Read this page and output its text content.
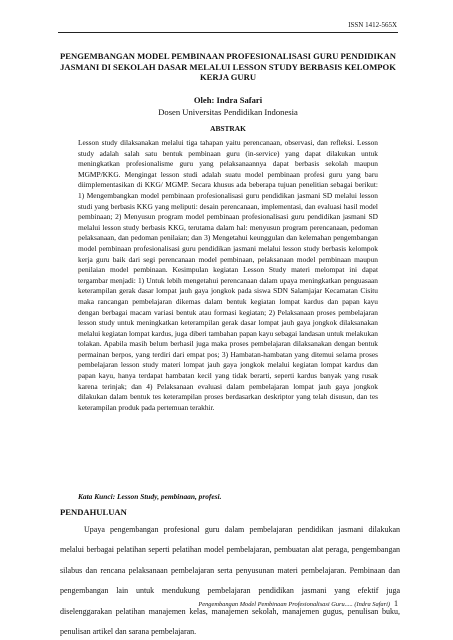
ISSN 1412-565X
PENGEMBANGAN MODEL PEMBINAAN PROFESIONALISASI GURU PENDIDIKAN JASMANI DI SEKOLAH DASAR MELALUI LESSON STUDY BERBASIS KELOMPOK KERJA GURU
Oleh: Indra Safari
Dosen Universitas Pendidikan Indonesia
ABSTRAK

Lesson study dilaksanakan melalui tiga tahapan yaitu perencanaan, observasi, dan refleksi. Lesson study adalah salah satu bentuk pembinaan guru (in-service) yang dapat dilakukan untuk meningkatkan profesionalisme guru yang pelaksanaannya dapat berbasis sekolah maupun MGMP/KKG. Mengingat lesson studi adalah suatu model pembinaan profesi guru yang baru diimplementasikan di KKG/ MGMP. Secara khusus ada beberapa tujuan penelitian sebagai berikut: 1) Mengembangkan model pembinaan profesionalisasi guru pendidikan jasmani SD melalui lesson studi yang berbasis KKG yang meliputi: desain perencanaan, implementasi, dan evaluasi hasil model pembinaan; 2) Menyusun program model pembinaan profesionalisasi guru pendidikan jasmani SD melalui lesson study berbasis KKG, terutama dalam hal: menyusun program perencanaan, pedoman pelaksanaan, dan pedoman penilaian; dan 3) Mengetahui keunggulan dan kelemahan pengembangan model pembinaan profesionalisasi guru pendidikan jasmani melalui lesson study berbasis kelompok kerja guru baik dari segi perencanaan model pembinaan, pelaksanaan model pembinaan maupun penilaian model pembinaan. Kesimpulan kegiatan Lesson Study materi melompat ini dapat tergambar menjadi: 1) Untuk lebih mengetahui perencanaan dalam upaya meningkatkan penguasaan keterampilan gerak dasar lompat jauh gaya jongkok pada siswa SDN Salamjajar Kecamatan Cisitu maka rancangan pembelajaran dikemas dalam bentuk kegiatan lompat kardus dan papan kayu dengan berbagai macam variasi bentuk atau formasi kegiatan; 2) Pelaksanaan proses pembelajaran lesson study untuk meningkatkan keterampilan gerak dasar lompat jauh gaya jongkok dilaksanakan melalui kegiatan lompat kardus, juga diberi tambahan papan kayu sebagai landasan untuk melakukan tolakan. Apabila masih belum berhasil juga maka proses pembelajaran dilaksanakan dengan bentuk permainan berpos, yang terdiri dari empat pos; 3) Hambatan-hambatan yang ditemui selama proses pembelajaran lesson study materi lompat jauh gaya jongkok melalui kegiatan lompat kardus dan papan kayu, hanya terdapat hambatan kecil yang tidak berarti, seperti kardus banyak yang rusak karena terinjak; dan 4) Pelaksanaan evaluasi dalam pembelajaran lompat jauh gaya jongkok dilakukan dalam bentuk tes keterampilan proses berdasarkan deskriptor yang telah disusun, dan tes keterampilan produk pada pertemuan terakhir.

Kata Kunci: Lesson Study, pembinaan, profesi.
PENDAHULUAN

Upaya pengembangan profesional guru dalam pembelajaran pendidikan jasmani dilakukan melalui berbagai pelatihan seperti pelatihan model pembelajaran, pembuatan alat peraga, pengembangan silabus dan rencana pelaksanaan pembelajaran serta penyusunan materi pembelajaran. Pembinaan dan pengembangan lain untuk mendukung pembelajaran pendidikan jasmani yang efektif juga diselenggarakan pelatihan manajemen kelas, manajemen sekolah, manajemen gugus, penulisan buku, penulisan artikel dan sarana pembelajaran.

Pengembangan Model Pembinaan Profesionalisasi Guru..... (Indra Safari) 1
